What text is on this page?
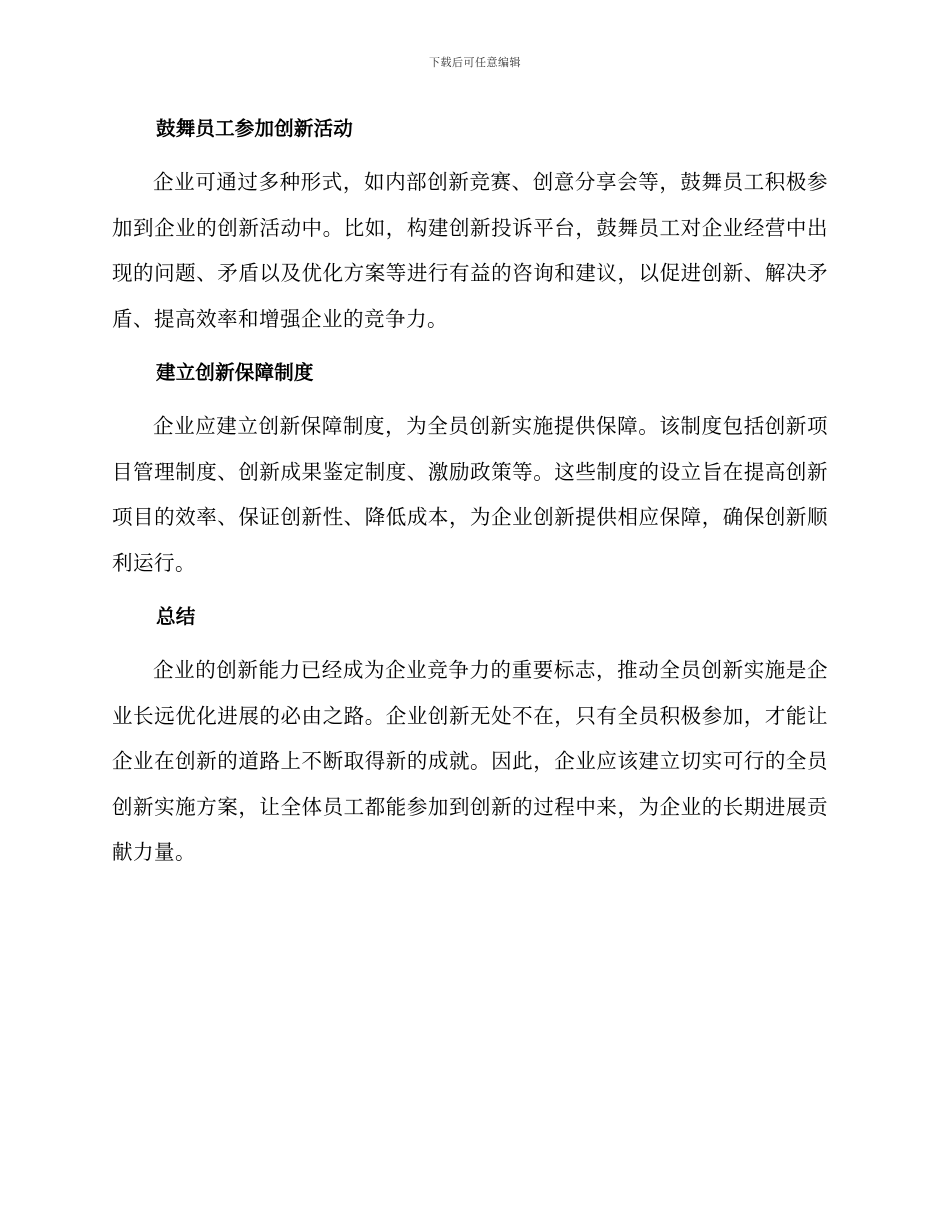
下载后可任意编辑
鼓舞员工参加创新活动

企业可通过多种形式，如内部创新竞赛、创意分享会等，鼓舞员工积极参加到企业的创新活动中。比如，构建创新投诉平台，鼓舞员工对企业经营中出现的问题、矛盾以及优化方案等进行有益的咨询和建议，以促进创新、解决矛盾、提高效率和增强企业的竞争力。

建立创新保障制度

企业应建立创新保障制度，为全员创新实施提供保障。该制度包括创新项目管理制度、创新成果鉴定制度、激励政策等。这些制度的设立旨在提高创新项目的效率、保证创新性、降低成本，为企业创新提供相应保障，确保创新顺利运行。

总结

企业的创新能力已经成为企业竞争力的重要标志，推动全员创新实施是企业长远优化进展的必由之路。企业创新无处不在，只有全员积极参加，才能让企业在创新的道路上不断取得新的成就。因此，企业应该建立切实可行的全员创新实施方案，让全体员工都能参加到创新的过程中来，为企业的长期进展贡献力量。
